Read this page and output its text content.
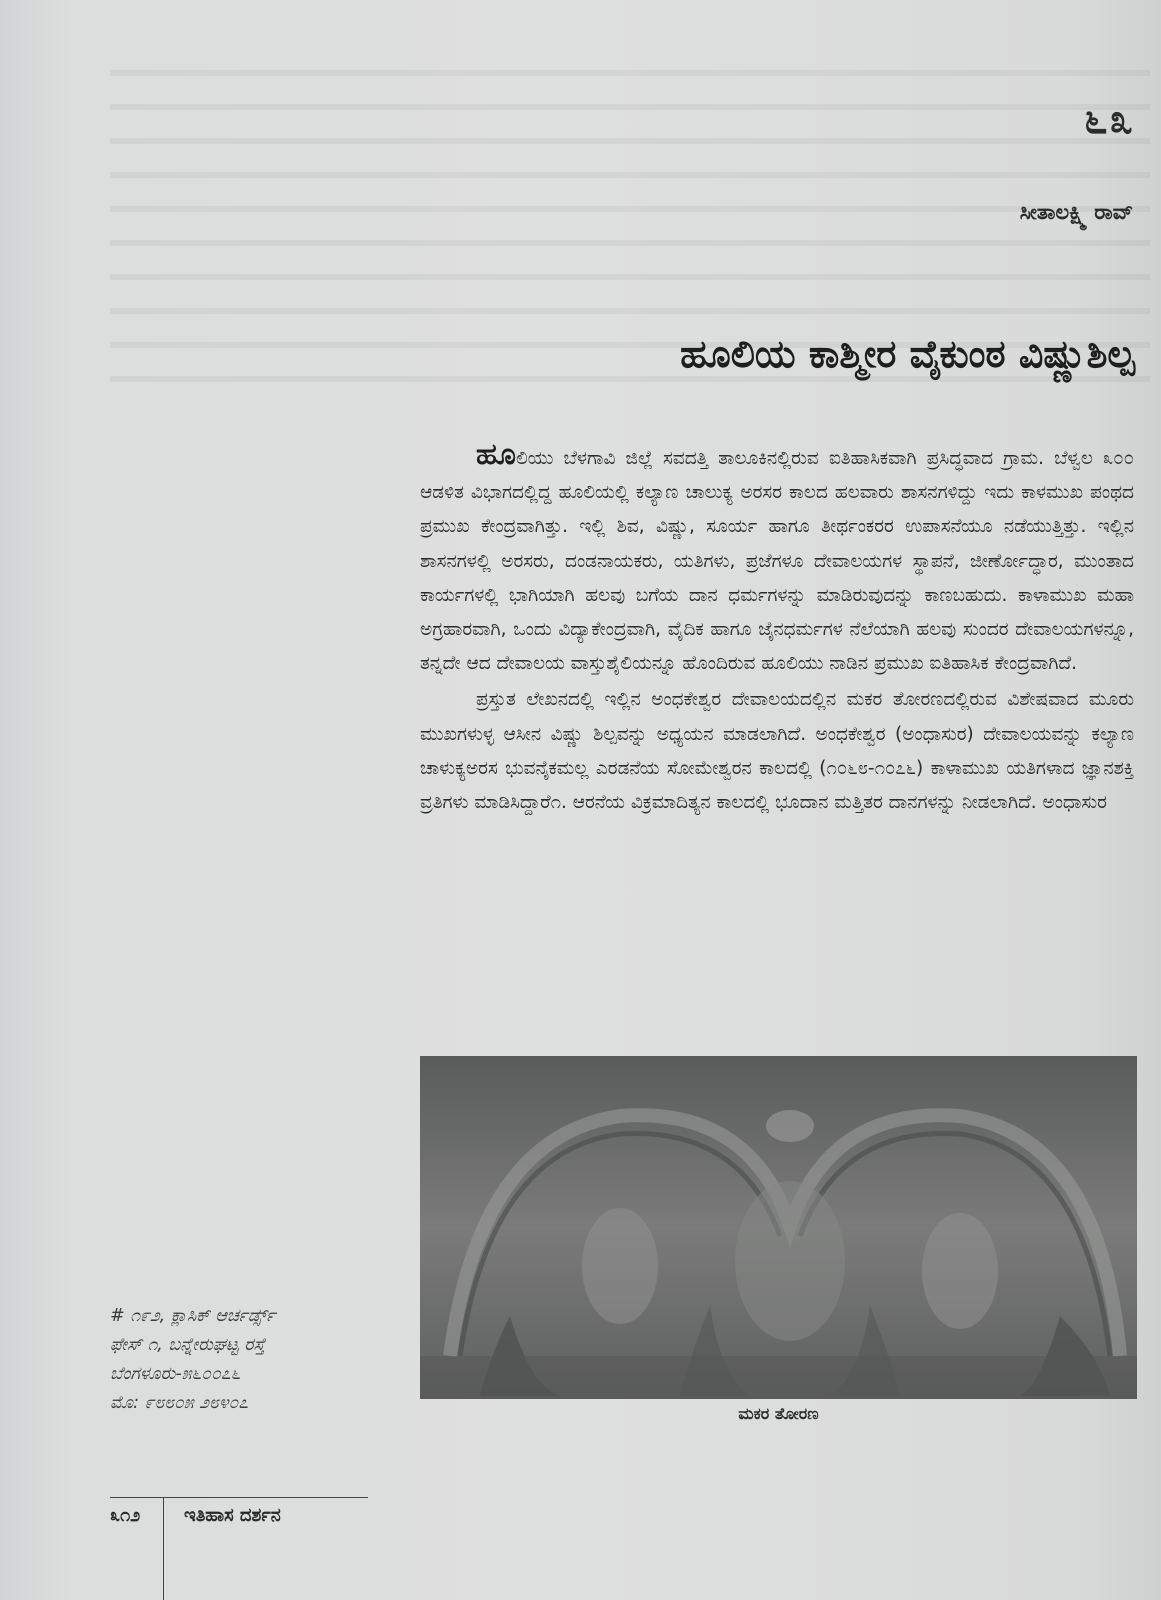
೬೩
ಸೀತಾಲಕ್ಷ್ಮಿ ರಾವ್
ಹೂಲಿಯ ಕಾಶ್ಮೀರ ವೈಕುಂಠ ವಿಷ್ಣುಶಿಲ್ಪ

ಹೂಲಿಯು ಬೆಳಗಾವಿ ಜಿಲ್ಲೆ ಸವದತ್ತಿ ತಾಲೂಕಿನಲ್ಲಿರುವ ಐತಿಹಾಸಿಕವಾಗಿ ಪ್ರಸಿದ್ಧವಾದ ಗ್ರಾಮ. ಬೆಳ್ವಲ ೩೦೦ ಆಡಳಿತ ವಿಭಾಗದಲ್ಲಿದ್ದ ಹೂಲಿಯಲ್ಲಿ ಕಲ್ಯಾಣ ಚಾಲುಕ್ಯ ಅರಸರ ಕಾಲದ ಹಲವಾರು ಶಾಸನಗಳಿದ್ದು ಇದು ಕಾಳಮುಖ ಪಂಥದ ಪ್ರಮುಖ ಕೇಂದ್ರವಾಗಿತ್ತು. ಇಲ್ಲಿ ಶಿವ, ವಿಷ್ಣು, ಸೂರ್ಯ ಹಾಗೂ ತೀರ್ಥಂಕರರ ಉಪಾಸನೆಯೂ ನಡೆಯುತ್ತಿತ್ತು. ಇಲ್ಲಿನ ಶಾಸನಗಳಲ್ಲಿ ಅರಸರು, ದಂಡನಾಯಕರು, ಯತಿಗಳು, ಪ್ರಜೆಗಳೂ ದೇವಾಲಯಗಳ ಸ್ಥಾಪನೆ, ಜೀರ್ಣೋದ್ಧಾರ, ಮುಂತಾದ ಕಾರ್ಯಗಳಲ್ಲಿ ಭಾಗಿಯಾಗಿ ಹಲವು ಬಗೆಯ ದಾನ ಧರ್ಮಗಳನ್ನು ಮಾಡಿರುವುದನ್ನು ಕಾಣಬಹುದು. ಕಾಳಾಮುಖ ಮಹಾ ಅಗ್ರಹಾರವಾಗಿ, ಒಂದು ವಿದ್ಯಾಕೇಂದ್ರವಾಗಿ, ವೈದಿಕ ಹಾಗೂ ಜೈನಧರ್ಮಗಳ ನೆಲೆಯಾಗಿ ಹಲವು ಸುಂದರ ದೇವಾಲಯಗಳನ್ನೂ, ತನ್ನದೇ ಆದ ದೇವಾಲಯ ವಾಸ್ತುಶೈಲಿಯನ್ನೂ ಹೊಂದಿರುವ ಹೂಲಿಯು ನಾಡಿನ ಪ್ರಮುಖ ಐತಿಹಾಸಿಕ ಕೇಂದ್ರವಾಗಿದೆ.

ಪ್ರಸ್ತುತ ಲೇಖನದಲ್ಲಿ ಇಲ್ಲಿನ ಅಂಧಕೇಶ್ವರ ದೇವಾಲಯದಲ್ಲಿನ ಮಕರ ತೋರಣದಲ್ಲಿರುವ ವಿಶೇಷವಾದ ಮೂರು ಮುಖಗಳುಳ್ಳ ಆಸೀನ ವಿಷ್ಣು ಶಿಲ್ಪವನ್ನು ಅಧ್ಯಯನ ಮಾಡಲಾಗಿದೆ. ಅಂಧಕೇಶ್ವರ (ಅಂಧಾಸುರ) ದೇವಾಲಯವನ್ನು ಕಲ್ಯಾಣ ಚಾಳುಕ್ಯಅರಸ ಭುವನೈಕಮಲ್ಲ ಎರಡನೆಯ ಸೋಮೇಶ್ವರನ ಕಾಲದಲ್ಲಿ (೧೦೬೮-೧೦೭೬) ಕಾಳಾಮುಖ ಯತಿಗಳಾದ ಜ್ಞಾನಶಕ್ತಿ ವ್ರತಿಗಳು ಮಾಡಿಸಿದ್ದಾರೆ೧. ಆರನೆಯ ವಿಕ್ರಮಾದಿತ್ಯನ ಕಾಲದಲ್ಲಿ ಭೂದಾನ ಮತ್ತಿತರ ದಾನಗಳನ್ನು ನೀಡಲಾಗಿದೆ. ಅಂಧಾಸುರ

ಮಕರ ತೋರಣ
# ೧೯೨, ಕ್ಲಾಸಿಕ್ ಆರ್ಚರ್ಡ್ಸ್
ಫೇಸ್ ೧, ಬನ್ನೇರುಘಟ್ಟ ರಸ್ತೆ
ಬೆಂಗಳೂರು-೫೬೦೦೭೬
ಮೊ: ೯೮೮೦೫ ೨೮೪೦೭
೩೧೨ ಇತಿಹಾಸ ದರ್ಶನ
